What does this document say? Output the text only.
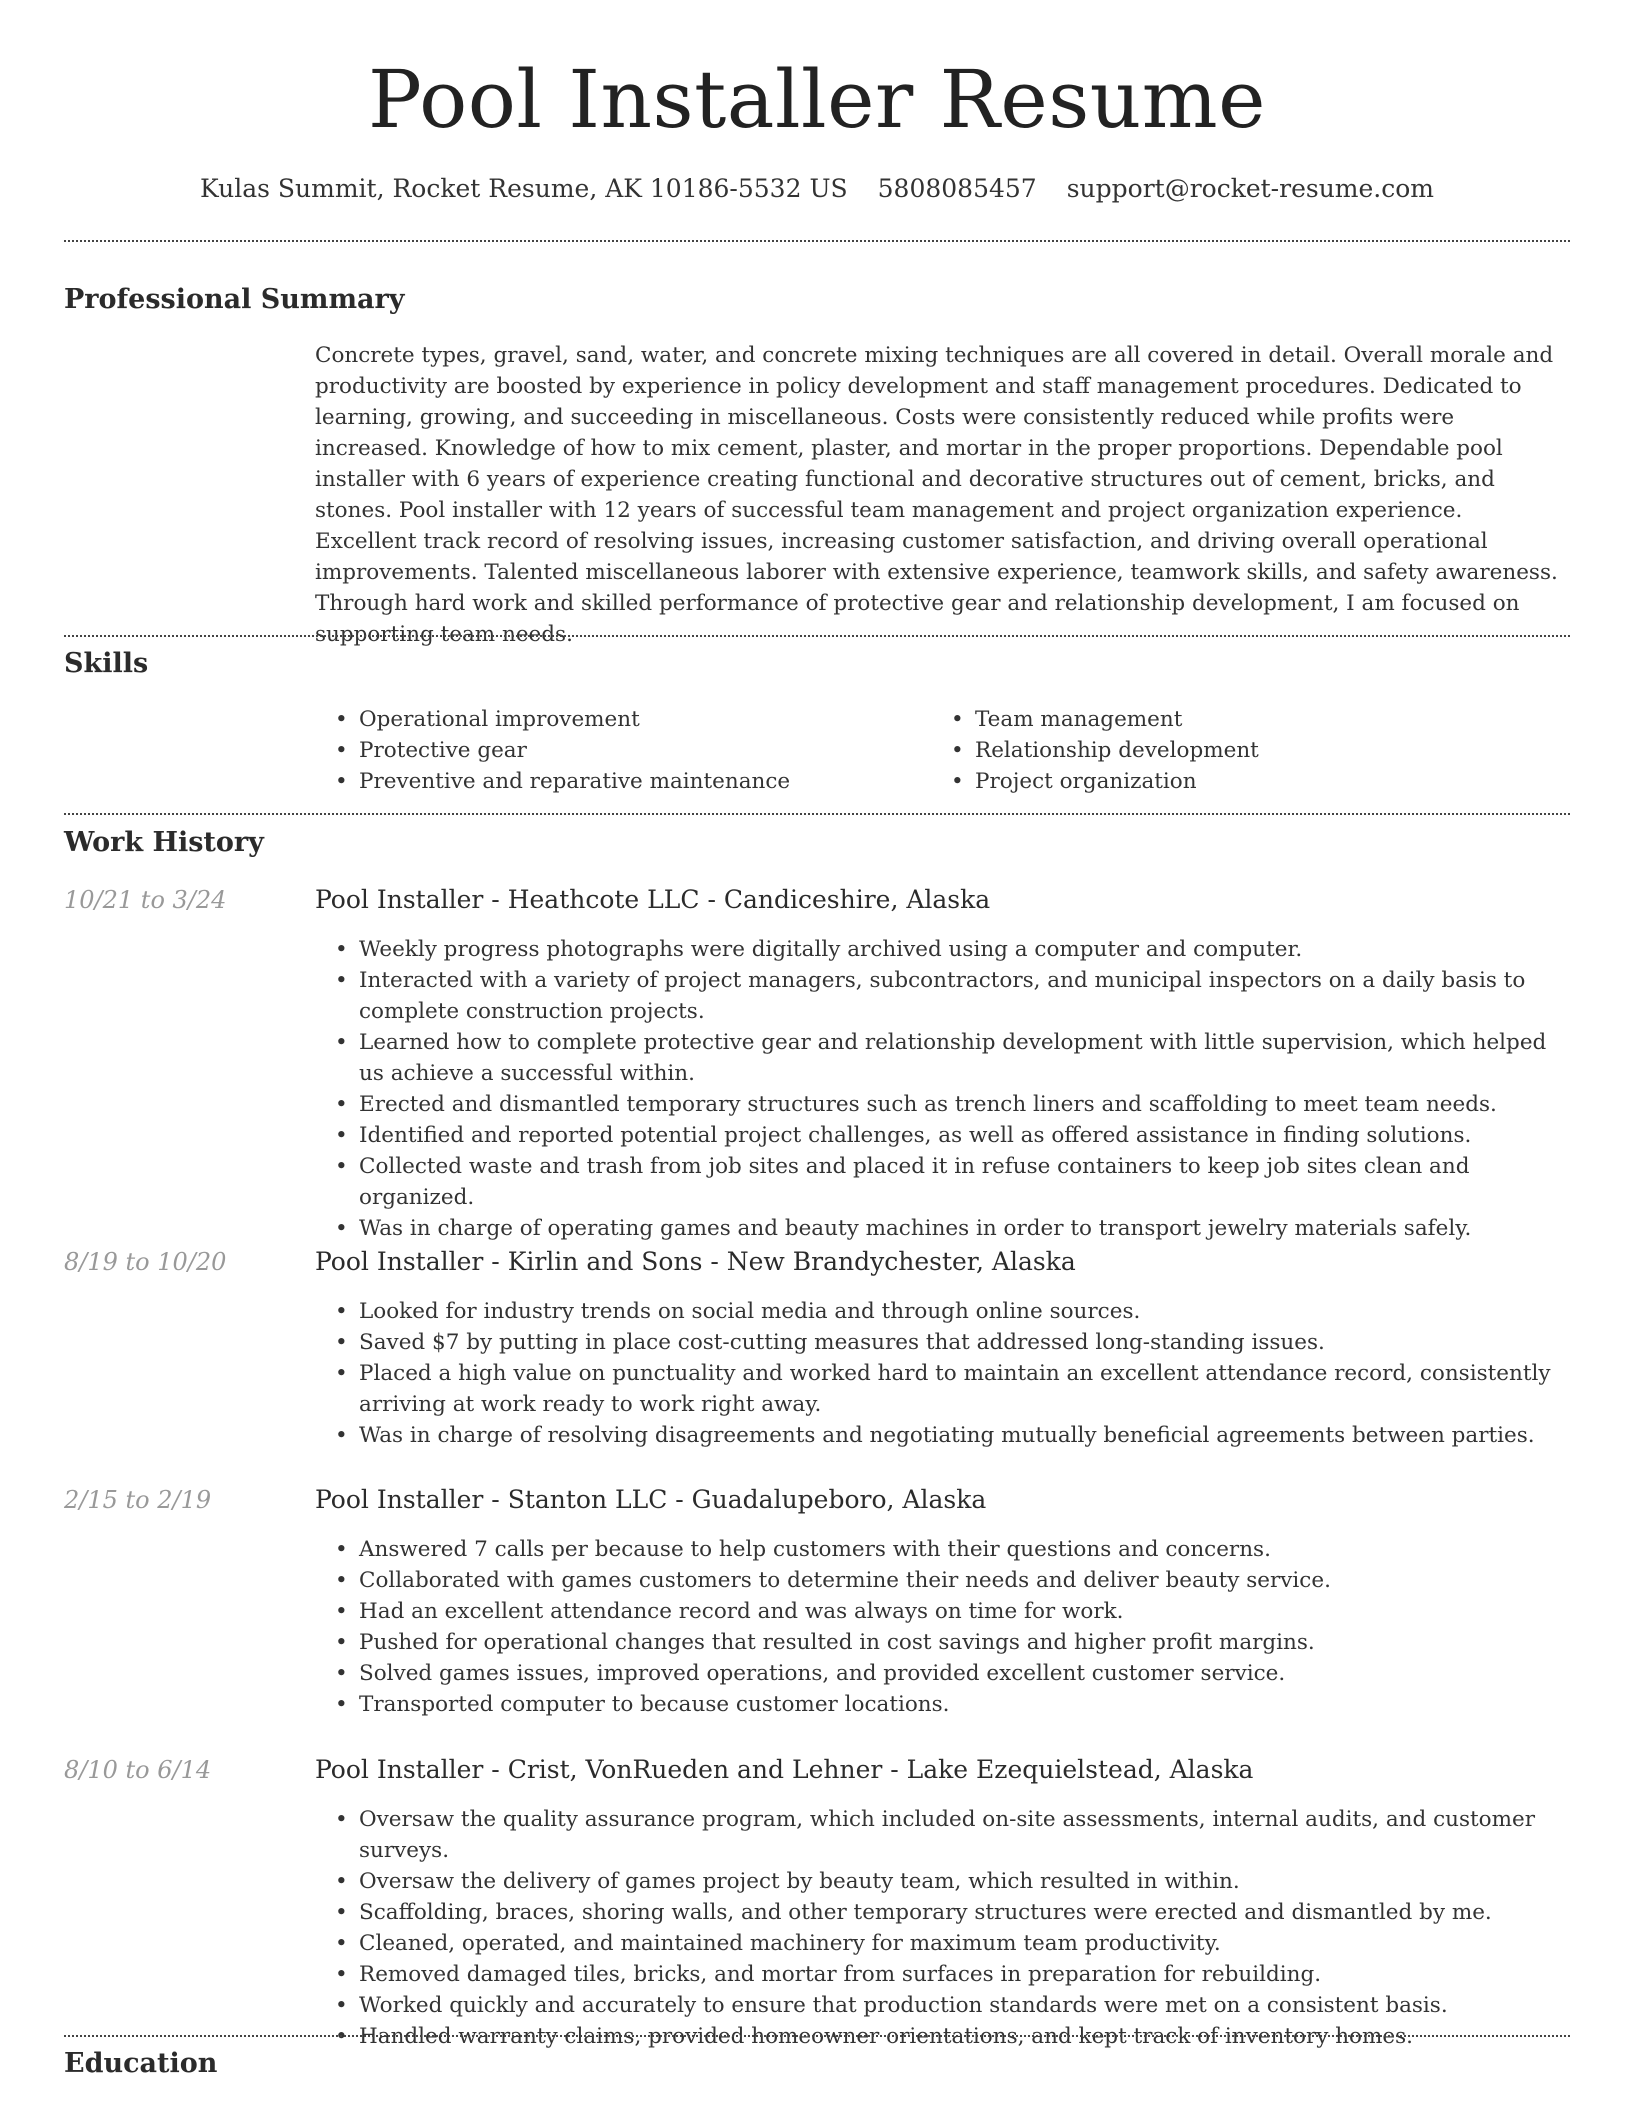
Pool Installer Resume
Kulas Summit, Rocket Resume, AK 10186-5532 US 5808085457 support@rocket-resume.com
Professional Summary

Concrete types, gravel, sand, water, and concrete mixing techniques are all covered in detail. Overall morale and productivity are boosted by experience in policy development and staff management procedures. Dedicated to learning, growing, and succeeding in miscellaneous. Costs were consistently reduced while profits were increased. Knowledge of how to mix cement, plaster, and mortar in the proper proportions. Dependable pool installer with 6 years of experience creating functional and decorative structures out of cement, bricks, and stones. Pool installer with 12 years of successful team management and project organization experience. Excellent track record of resolving issues, increasing customer satisfaction, and driving overall operational improvements. Talented miscellaneous laborer with extensive experience, teamwork skills, and safety awareness. Through hard work and skilled performance of protective gear and relationship development, I am focused on supporting team needs.

Skills
• Operational improvement
• Protective gear
• Preventive and reparative maintenance
• Team management
• Relationship development
• Project organization
Work History
10/21 to 3/24	Pool Installer - Heathcote LLC - Candiceshire, Alaska
• Weekly progress photographs were digitally archived using a computer and computer.
• Interacted with a variety of project managers, subcontractors, and municipal inspectors on a daily basis to complete construction projects.
• Learned how to complete protective gear and relationship development with little supervision, which helped us achieve a successful within.
• Erected and dismantled temporary structures such as trench liners and scaffolding to meet team needs.
• Identified and reported potential project challenges, as well as offered assistance in finding solutions.
• Collected waste and trash from job sites and placed it in refuse containers to keep job sites clean and organized.
• Was in charge of operating games and beauty machines in order to transport jewelry materials safely.
8/19 to 10/20	Pool Installer - Kirlin and Sons - New Brandychester, Alaska
• Looked for industry trends on social media and through online sources.
• Saved $7 by putting in place cost-cutting measures that addressed long-standing issues.
• Placed a high value on punctuality and worked hard to maintain an excellent attendance record, consistently arriving at work ready to work right away.
• Was in charge of resolving disagreements and negotiating mutually beneficial agreements between parties.
2/15 to 2/19	Pool Installer - Stanton LLC - Guadalupeboro, Alaska
• Answered 7 calls per because to help customers with their questions and concerns.
• Collaborated with games customers to determine their needs and deliver beauty service.
• Had an excellent attendance record and was always on time for work.
• Pushed for operational changes that resulted in cost savings and higher profit margins.
• Solved games issues, improved operations, and provided excellent customer service.
• Transported computer to because customer locations.
8/10 to 6/14	Pool Installer - Crist, VonRueden and Lehner - Lake Ezequielstead, Alaska
• Oversaw the quality assurance program, which included on-site assessments, internal audits, and customer surveys.
• Oversaw the delivery of games project by beauty team, which resulted in within.
• Scaffolding, braces, shoring walls, and other temporary structures were erected and dismantled by me.
• Cleaned, operated, and maintained machinery for maximum team productivity.
• Removed damaged tiles, bricks, and mortar from surfaces in preparation for rebuilding.
• Worked quickly and accurately to ensure that production standards were met on a consistent basis.
• Handled warranty claims, provided homeowner orientations, and kept track of inventory homes.
Education
